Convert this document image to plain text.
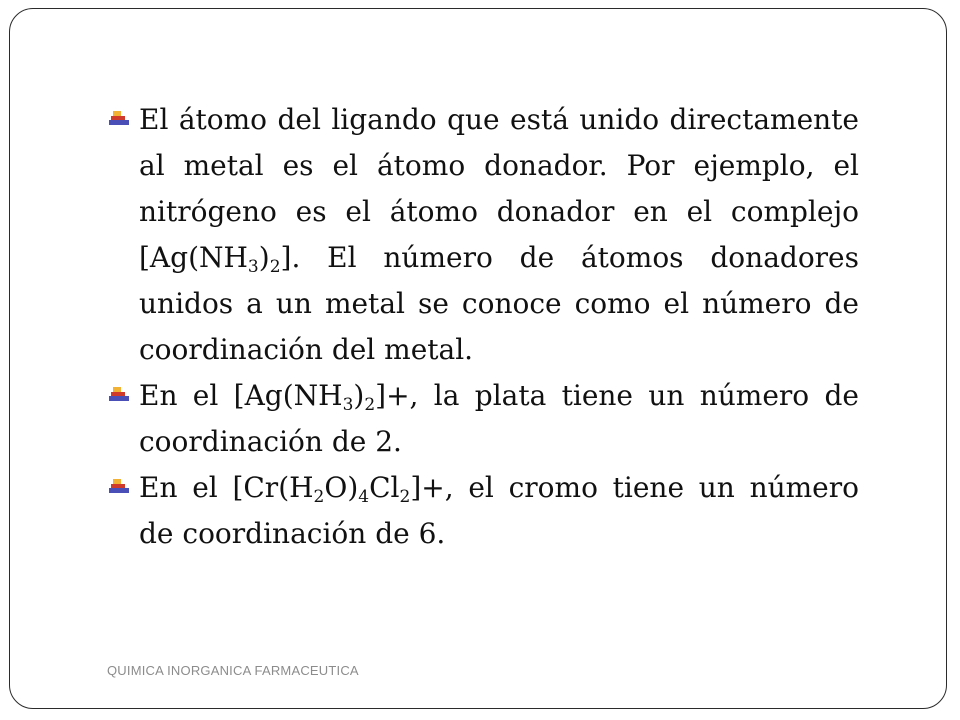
El átomo del ligando que está unido directamente al metal es el átomo donador. Por ejemplo, el nitrógeno es el átomo donador en el complejo $[Ag(NH_3)_2]$. El número de átomos donadores unidos a un metal se conoce como el número de coordinación del metal.

En el $[Ag(NH_3)_2]+$, la plata tiene un número de coordinación de 2.

En el $[Cr(H_2O)_4Cl_2]+$, el cromo tiene un número de coordinación de 6.

QUIMICA INORGANICA FARMACEUTICA
